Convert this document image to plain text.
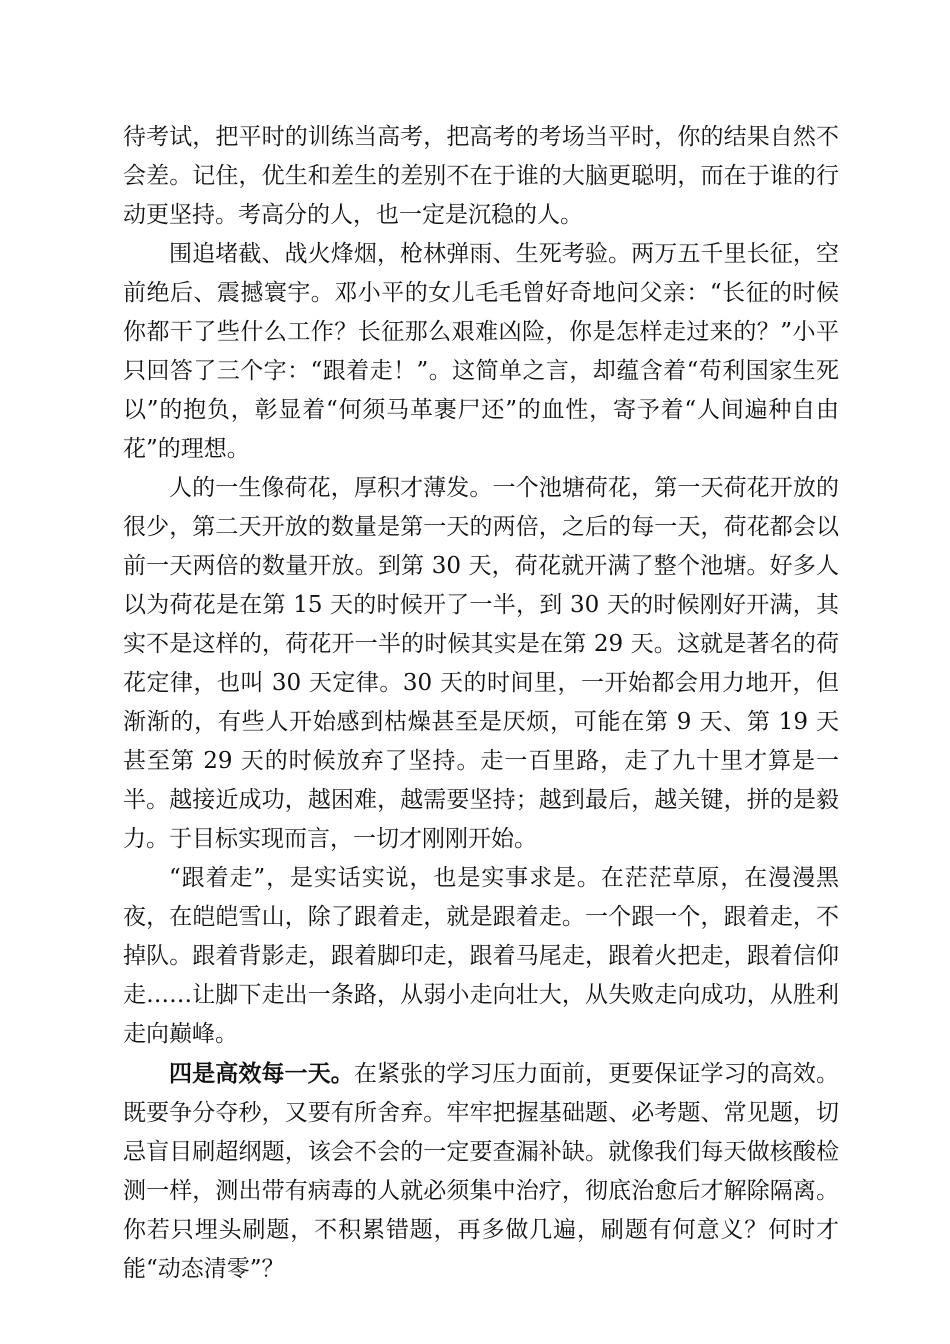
待考试，把平时的训练当高考，把高考的考场当平时，你的结果自然不会差。记住，优生和差生的差别不在于谁的大脑更聪明，而在于谁的行动更坚持。考高分的人，也一定是沉稳的人。

围追堵截、战火烽烟，枪林弹雨、生死考验。两万五千里长征，空前绝后、震撼寰宇。邓小平的女儿毛毛曾好奇地问父亲：“长征的时候你都干了些什么工作？长征那么艰难凶险，你是怎样走过来的？”小平只回答了三个字：“跟着走！”。这简单之言，却蕴含着“苟利国家生死以”的抱负，彰显着“何须马革裹尸还”的血性，寄予着“人间遍种自由花”的理想。

人的一生像荷花，厚积才薄发。一个池塘荷花，第一天荷花开放的很少，第二天开放的数量是第一天的两倍，之后的每一天，荷花都会以前一天两倍的数量开放。到第 30 天，荷花就开满了整个池塘。好多人以为荷花是在第 15 天的时候开了一半，到 30 天的时候刚好开满，其实不是这样的，荷花开一半的时候其实是在第 29 天。这就是著名的荷花定律，也叫 30 天定律。30 天的时间里，一开始都会用力地开，但渐渐的，有些人开始感到枯燥甚至是厌烦，可能在第 9 天、第 19 天甚至第 29 天的时候放弃了坚持。走一百里路，走了九十里才算是一半。越接近成功，越困难，越需要坚持；越到最后，越关键，拼的是毅力。于目标实现而言，一切才刚刚开始。

“跟着走”，是实话实说，也是实事求是。在茫茫草原，在漫漫黑夜，在皑皑雪山，除了跟着走，就是跟着走。一个跟一个，跟着走，不掉队。跟着背影走，跟着脚印走，跟着马尾走，跟着火把走，跟着信仰走……让脚下走出一条路，从弱小走向壮大，从失败走向成功，从胜利走向巅峰。

四是高效每一天。在紧张的学习压力面前，更要保证学习的高效。既要争分夺秒，又要有所舍弃。牢牢把握基础题、必考题、常见题，切忌盲目刷超纲题，该会不会的一定要查漏补缺。就像我们每天做核酸检测一样，测出带有病毒的人就必须集中治疗，彻底治愈后才解除隔离。你若只埋头刷题，不积累错题，再多做几遍，刷题有何意义？何时才能“动态清零”？
